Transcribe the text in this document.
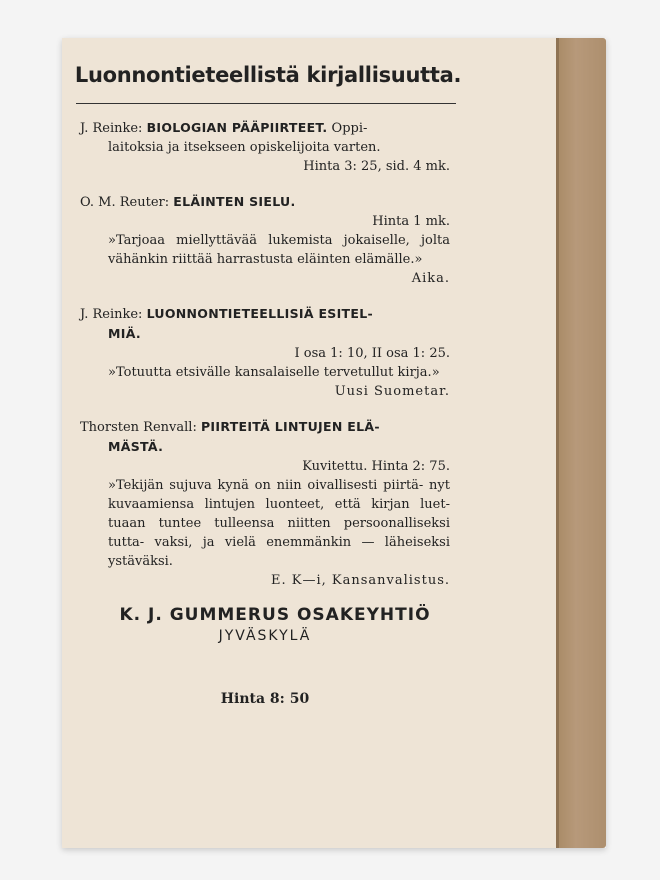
Luonnontieteellistä kirjallisuutta.
J. Reinke: BIOLOGIAN PÄÄPIIRTEET. Oppi-
laitoksia ja itsekseen opiskelijoita varten.
Hinta 3: 25, sid. 4 mk.
O. M. Reuter: ELÄINTEN SIELU.
Hinta 1 mk.
»Tarjoaa miellyttävää lukemista jokaiselle, jolta vähänkin riittää harrastusta eläinten elämälle.»
Aika.
J. Reinke: LUONNONTIETEELLISIÄ ESITEL-
MIÄ.
I osa 1: 10, II osa 1: 25.
»Totuutta etsivälle kansalaiselle tervetullut kirja.»
Uusi Suometar.
Thorsten Renvall: PIIRTEITÄ LINTUJEN ELÄ-
MÄSTÄ.
Kuvitettu. Hinta 2: 75.
»Tekijän sujuva kynä on niin oivallisesti piirtä- nyt kuvaamiensa lintujen luonteet, että kirjan luet- tuaan tuntee tulleensa niitten persoonalliseksi tutta- vaksi, ja vielä enemmänkin — läheiseksi ystäväksi.
E. K—i, Kansanvalistus.
K. J. GUMMERUS OSAKEYHTIÖ
JYVÄSKYLÄ
Hinta 8: 50
